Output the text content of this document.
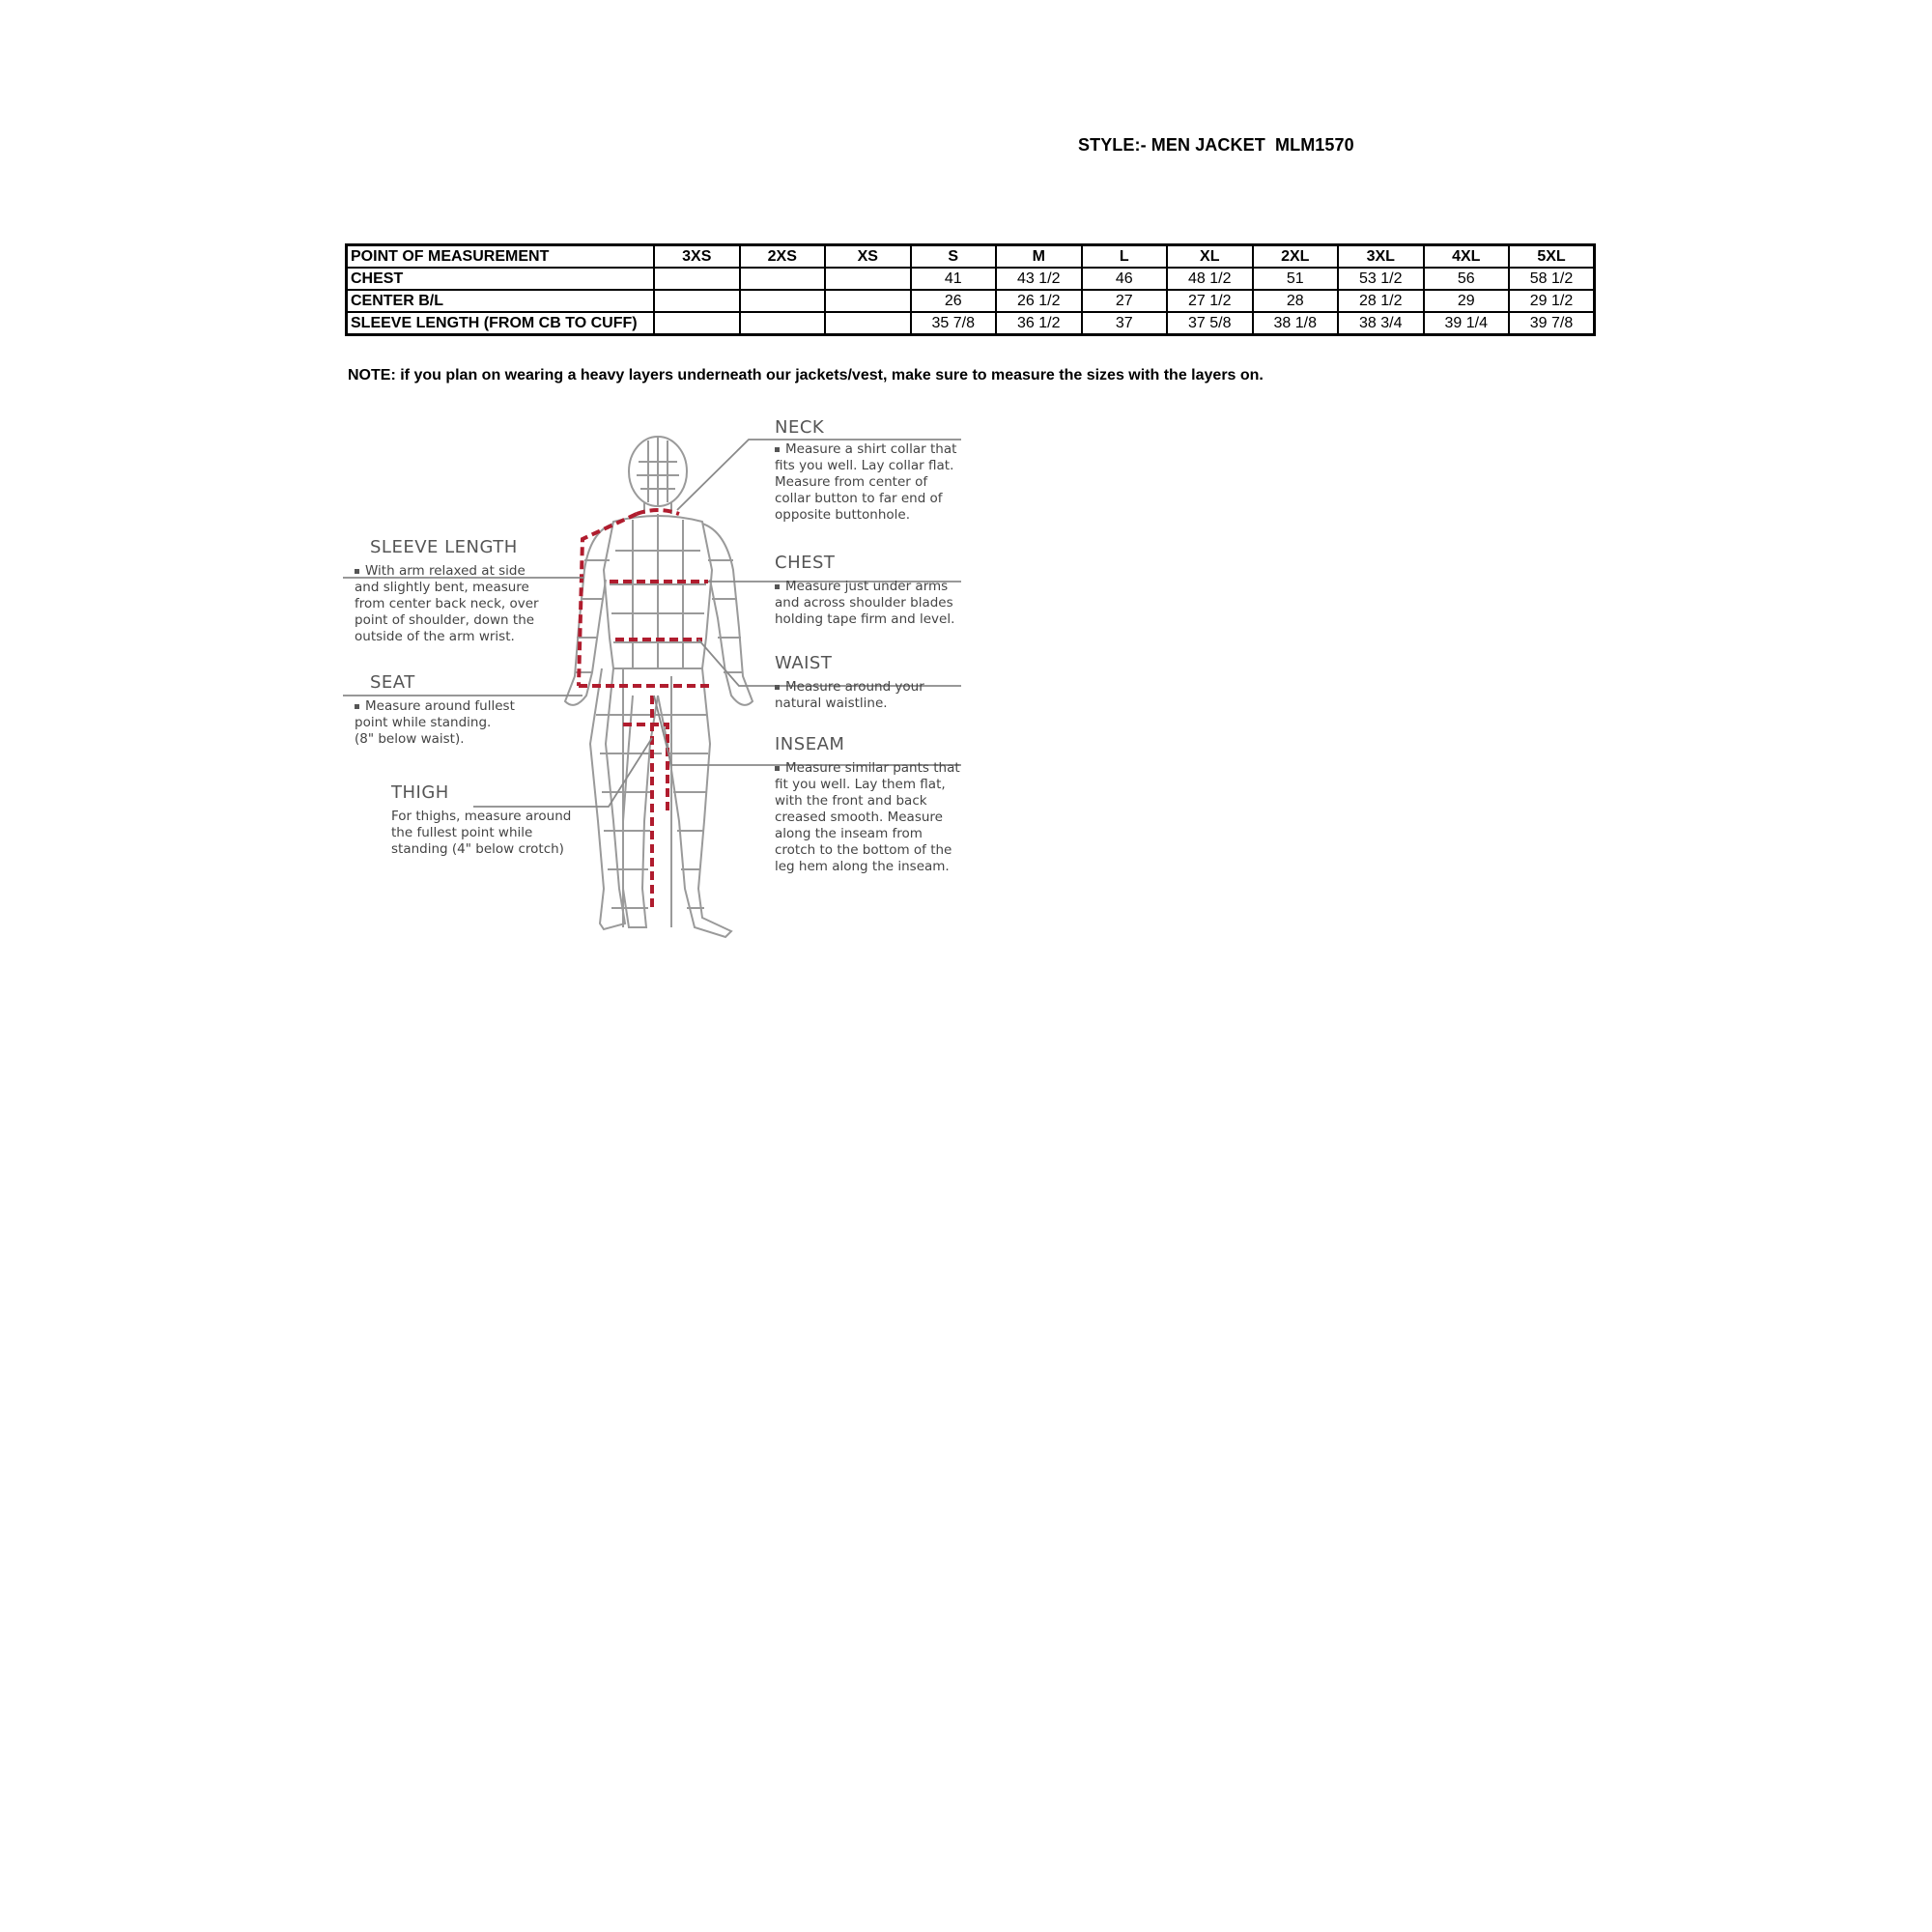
STYLE:- MEN JACKET  MLM1570
POINT OF MEASUREMENT	3XS	2XS	XS	S	M	L	XL	2XL	3XL	4XL	5XL
CHEST				41	43 1/2	46	48 1/2	51	53 1/2	56	58 1/2
CENTER B/L				26	26 1/2	27	27 1/2	28	28 1/2	29	29 1/2
SLEEVE LENGTH (FROM CB TO CUFF)				35 7/8	36 1/2	37	37 5/8	38 1/8	38 3/4	39 1/4	39 7/8
NOTE: if you plan on wearing a heavy layers underneath our jackets/vest, make sure to measure the sizes with the layers on.
NECK
Measure a shirt collar that
fits you well. Lay collar flat.
Measure from center of
collar button to far end of
opposite buttonhole.
CHEST
Measure just under arms
and across shoulder blades
holding tape firm and level.
WAIST
Measure around your
natural waistline.
INSEAM
Measure similar pants that
fit you well. Lay them flat,
with the front and back
creased smooth. Measure
along the inseam from
crotch to the bottom of the
leg hem along the inseam.
SLEEVE LENGTH
With arm relaxed at side
and slightly bent, measure
from center back neck, over
point of shoulder, down the
outside of the arm wrist.
SEAT
Measure around fullest
point while standing.
(8" below waist).
THIGH
For thighs, measure around
the fullest point while
standing (4" below crotch)
